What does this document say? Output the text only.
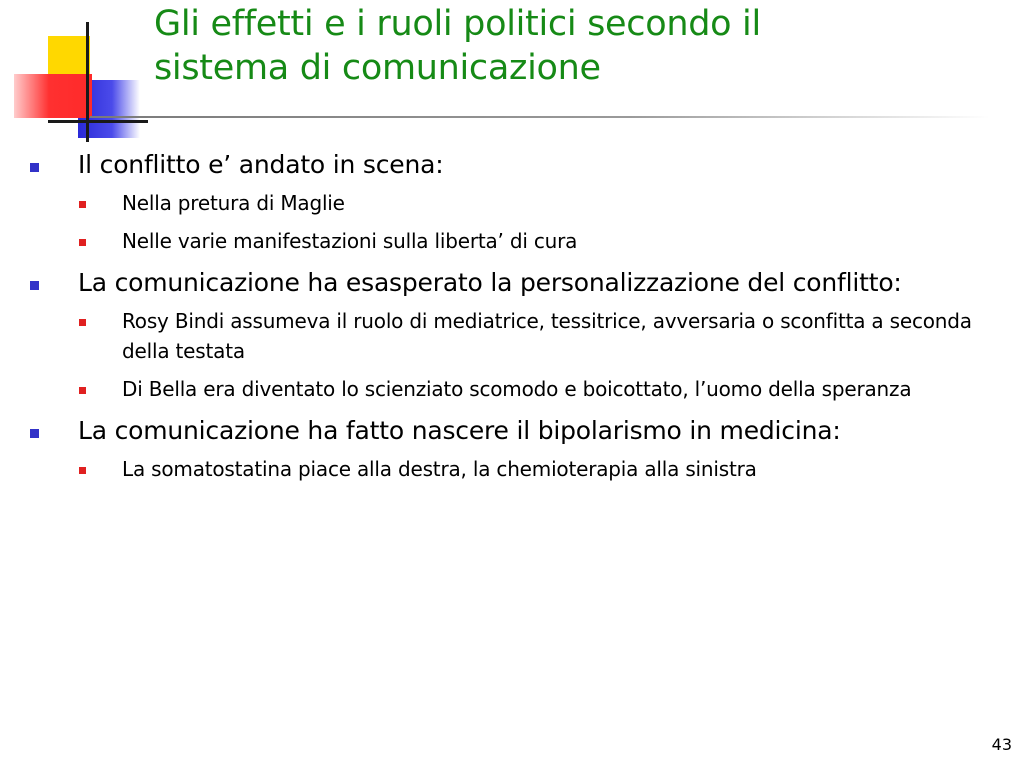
Gli effetti e i ruoli politici secondo il
sistema di comunicazione
Il conflitto e’ andato in scena:
Nella pretura di Maglie
Nelle varie manifestazioni sulla liberta’ di cura
La comunicazione ha esasperato la personalizzazione del conflitto:
Rosy Bindi assumeva il ruolo di mediatrice, tessitrice, avversaria o sconfitta a seconda della testata
Di Bella era diventato lo scienziato scomodo e boicottato, l’uomo della speranza
La comunicazione ha fatto nascere il bipolarismo in medicina:
La somatostatina piace alla destra, la chemioterapia alla sinistra
43
